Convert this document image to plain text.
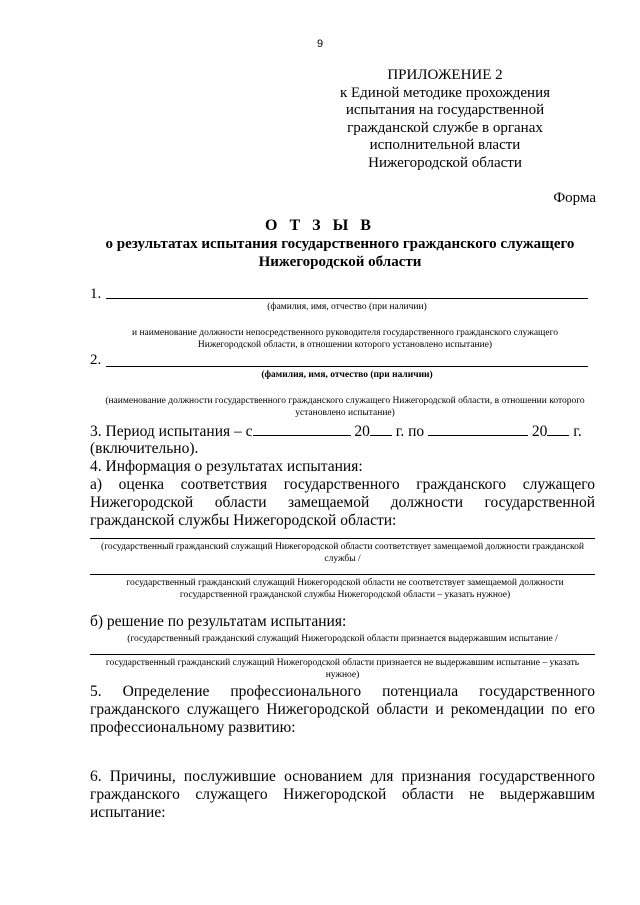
9
ПРИЛОЖЕНИЕ 2
к Единой методике прохождения
испытания на государственной
гражданской службе в органах
исполнительной власти
Нижегородской области
Форма
О Т З Ы В
о результатах испытания государственного гражданского служащего
Нижегородской области
1.
(фамилия, имя, отчество (при наличии)
и наименование должности непосредственного руководителя государственного гражданского служащего Нижегородской области, в отношении которого установлено испытание)
2.
(фамилия, имя, отчество (при наличии)
(наименование должности государственного гражданского служащего Нижегородской области, в отношении которого установлено испытание)
3. Период испытания – с	20 г. по	20 г.
(включительно).
4. Информация о результатах испытания:
а) оценка соответствия государственного гражданского служащего
Нижегородской области замещаемой должности государственной
гражданской службы Нижегородской области:
(государственный гражданский служащий Нижегородской области соответствует замещаемой должности гражданской службы /
государственный гражданский служащий Нижегородской области не соответствует замещаемой должности государственной гражданской службы Нижегородской области – указать нужное)
б) решение по результатам испытания:
(государственный гражданский служащий Нижегородской области признается выдержавшим испытание /
государственный гражданский служащий Нижегородской области признается не выдержавшим испытание – указать нужное)
5. Определение профессионального потенциала государственного
гражданского служащего Нижегородской области и рекомендации по его
профессиональному развитию:
6. Причины, послужившие основанием для признания государственного
гражданского служащего Нижегородской области не выдержавшим
испытание:
